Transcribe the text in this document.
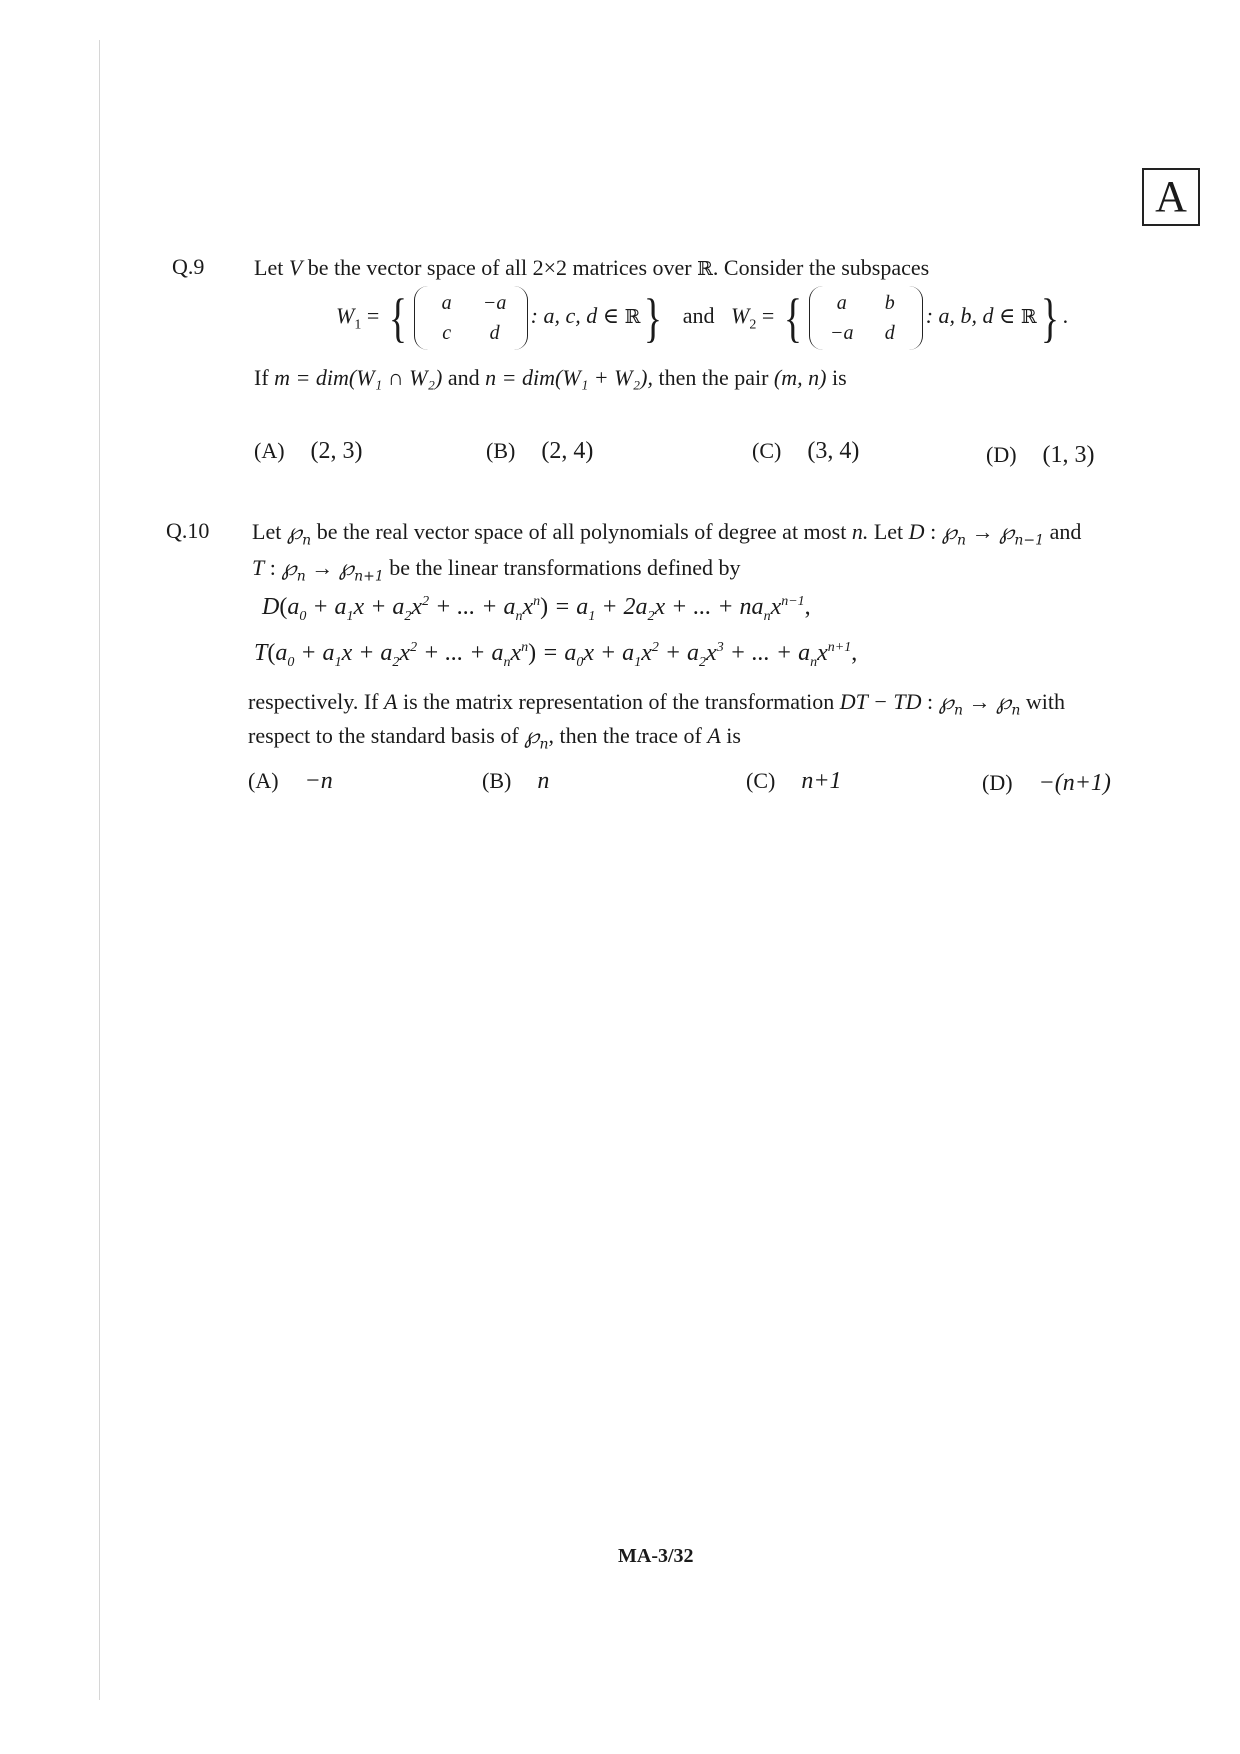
A
Q.9 Let V be the vector space of all 2×2 matrices over ℝ. Consider the subspaces
$W_1$ = {	a	−a
c	d
: a, c, d ∈ ℝ} and $W_2$ = {	a	b
−a	d
: a, b, d ∈ ℝ} .
If m = dim(W₁ ∩ W₂) and n = dim(W₁ + W₂), then the pair (m, n) is
(A) (2, 3)	(B) (2, 4)	(C) (3, 4)	(D) (1, 3)
Q.10 Let $℘_n$ be the real vector space of all polynomials of degree at most n. Let D : $℘_n$ → $℘_{n-1}$ and
T : $℘_n$ → $℘_{n+1}$ be the linear transformations defined by
$D(a_0 + a_1x + a_2x^2$ + ... + $a_nx^n) = a_1 + 2a_2x$ + ... + $na_nx^{n-1}$,
$T(a_0 + a_1x + a_2x^2$ + ... + $a_nx^n) = a_0x + a_1x^2 + a_2x^3$ + ... + $a_nx^{n+1}$,
respectively. If A is the matrix representation of the transformation DT − TD : $℘_n$ → $℘_n$ with
respect to the standard basis of $℘_n$, then the trace of A is
(A) −n	(B) n	(C) n+1	(D) −(n+1)
MA-3/32
